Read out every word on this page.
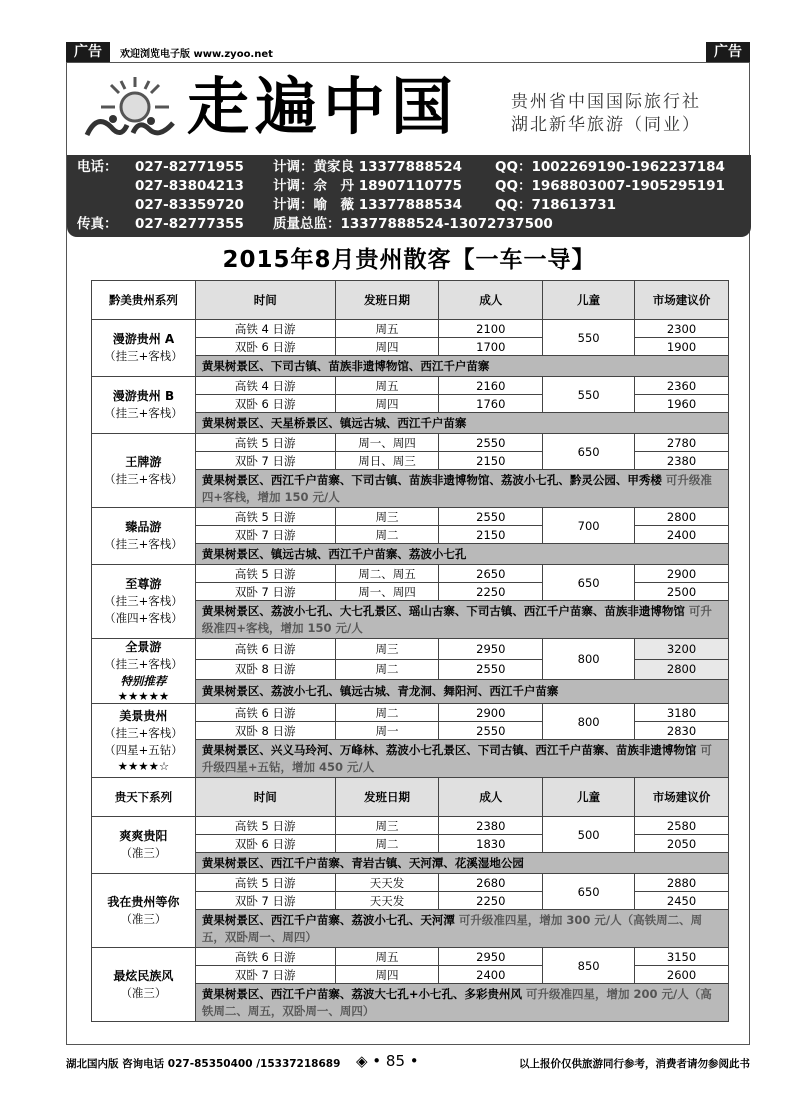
广告	欢迎浏览电子版 www.zyoo.net	广告
走遍中国	贵州省中国国际旅行社
湖北新华旅游（同业）
电话： 027-82771955 计调：黄家良 13377888524 QQ：1002269190-1962237184
027-83804213 计调：佘　丹 18907110775 QQ：1968803007-1905295191
027-83359720 计调：喻　薇 13377888534 QQ：718613731
传真： 027-82777355 质量总监：13377888524-13072737500
2015年8月贵州散客【一车一导】
黔美贵州系列	时间	发班日期	成人	儿童	市场建议价

漫游贵州 A
（挂三+客栈）	高铁 4 日游	周五	2100	550	2300
	双卧 6 日游	周四	1700		1900
	黄果树景区、下司古镇、苗族非遗博物馆、西江千户苗寨				

漫游贵州 B
（挂三+客栈）	高铁 4 日游	周五	2160	550	2360
	双卧 6 日游	周四	1760		1960
	黄果树景区、天星桥景区、镇远古城、西江千户苗寨				

王牌游
（挂三+客栈）	高铁 5 日游	周一、周四	2550	650	2780
	双卧 7 日游	周日、周三	2150		2380
	黄果树景区、西江千户苗寨、下司古镇、苗族非遗博物馆、荔波小七孔、黔灵公园、甲秀楼 可升级准四+客栈，增加 150 元/人				

臻品游
（挂三+客栈）	高铁 5 日游	周三	2550	700	2800
	双卧 7 日游	周二	2150		2400
	黄果树景区、镇远古城、西江千户苗寨、荔波小七孔				

至尊游
（挂三+客栈）
（准四+客栈）	高铁 5 日游	周二、周五	2650	650	2900
	双卧 7 日游	周一、周四	2250		2500
	黄果树景区、荔波小七孔、大七孔景区、瑶山古寨、下司古镇、西江千户苗寨、苗族非遗博物馆 可升级准四+客栈，增加 150 元/人				

全景游
（挂三+客栈）
特别推荐
★★★★★	高铁 6 日游	周三	2950	800	3200
	双卧 8 日游	周二	2550		2800
	黄果树景区、荔波小七孔、镇远古城、青龙洞、舞阳河、西江千户苗寨				

美景贵州
（挂三+客栈）
（四星+五钻）
★★★★☆	高铁 6 日游	周二	2900	800	3180
	双卧 8 日游	周一	2550		2830
	黄果树景区、兴义马玲河、万峰林、荔波小七孔景区、下司古镇、西江千户苗寨、苗族非遗博物馆 可升级四星+五钻，增加 450 元/人				
贵天下系列	时间	发班日期	成人	儿童	市场建议价

爽爽贵阳
（准三）	高铁 5 日游	周三	2380	500	2580
	双卧 6 日游	周二	1830		2050
	黄果树景区、西江千户苗寨、青岩古镇、天河潭、花溪湿地公园				

我在贵州等你
（准三）	高铁 5 日游	天天发	2680	650	2880
	双卧 7 日游	天天发	2250		2450
	黄果树景区、西江千户苗寨、荔波小七孔、天河潭 可升级准四星，增加 300 元/人（高铁周二、周五，双卧周一、周四）				

最炫民族风
（准三）	高铁 6 日游	周五	2950	850	3150
	双卧 7 日游	周四	2400		2600
	黄果树景区、西江千户苗寨、荔波大七孔+小七孔、多彩贵州风 可升级准四星，增加 200 元/人（高铁周二、周五，双卧周一、周四）				
湖北国内版 咨询电话 027-85350400 /15337218689 ◈ • 85 •	以上报价仅供旅游同行参考，消费者请勿参阅此书
